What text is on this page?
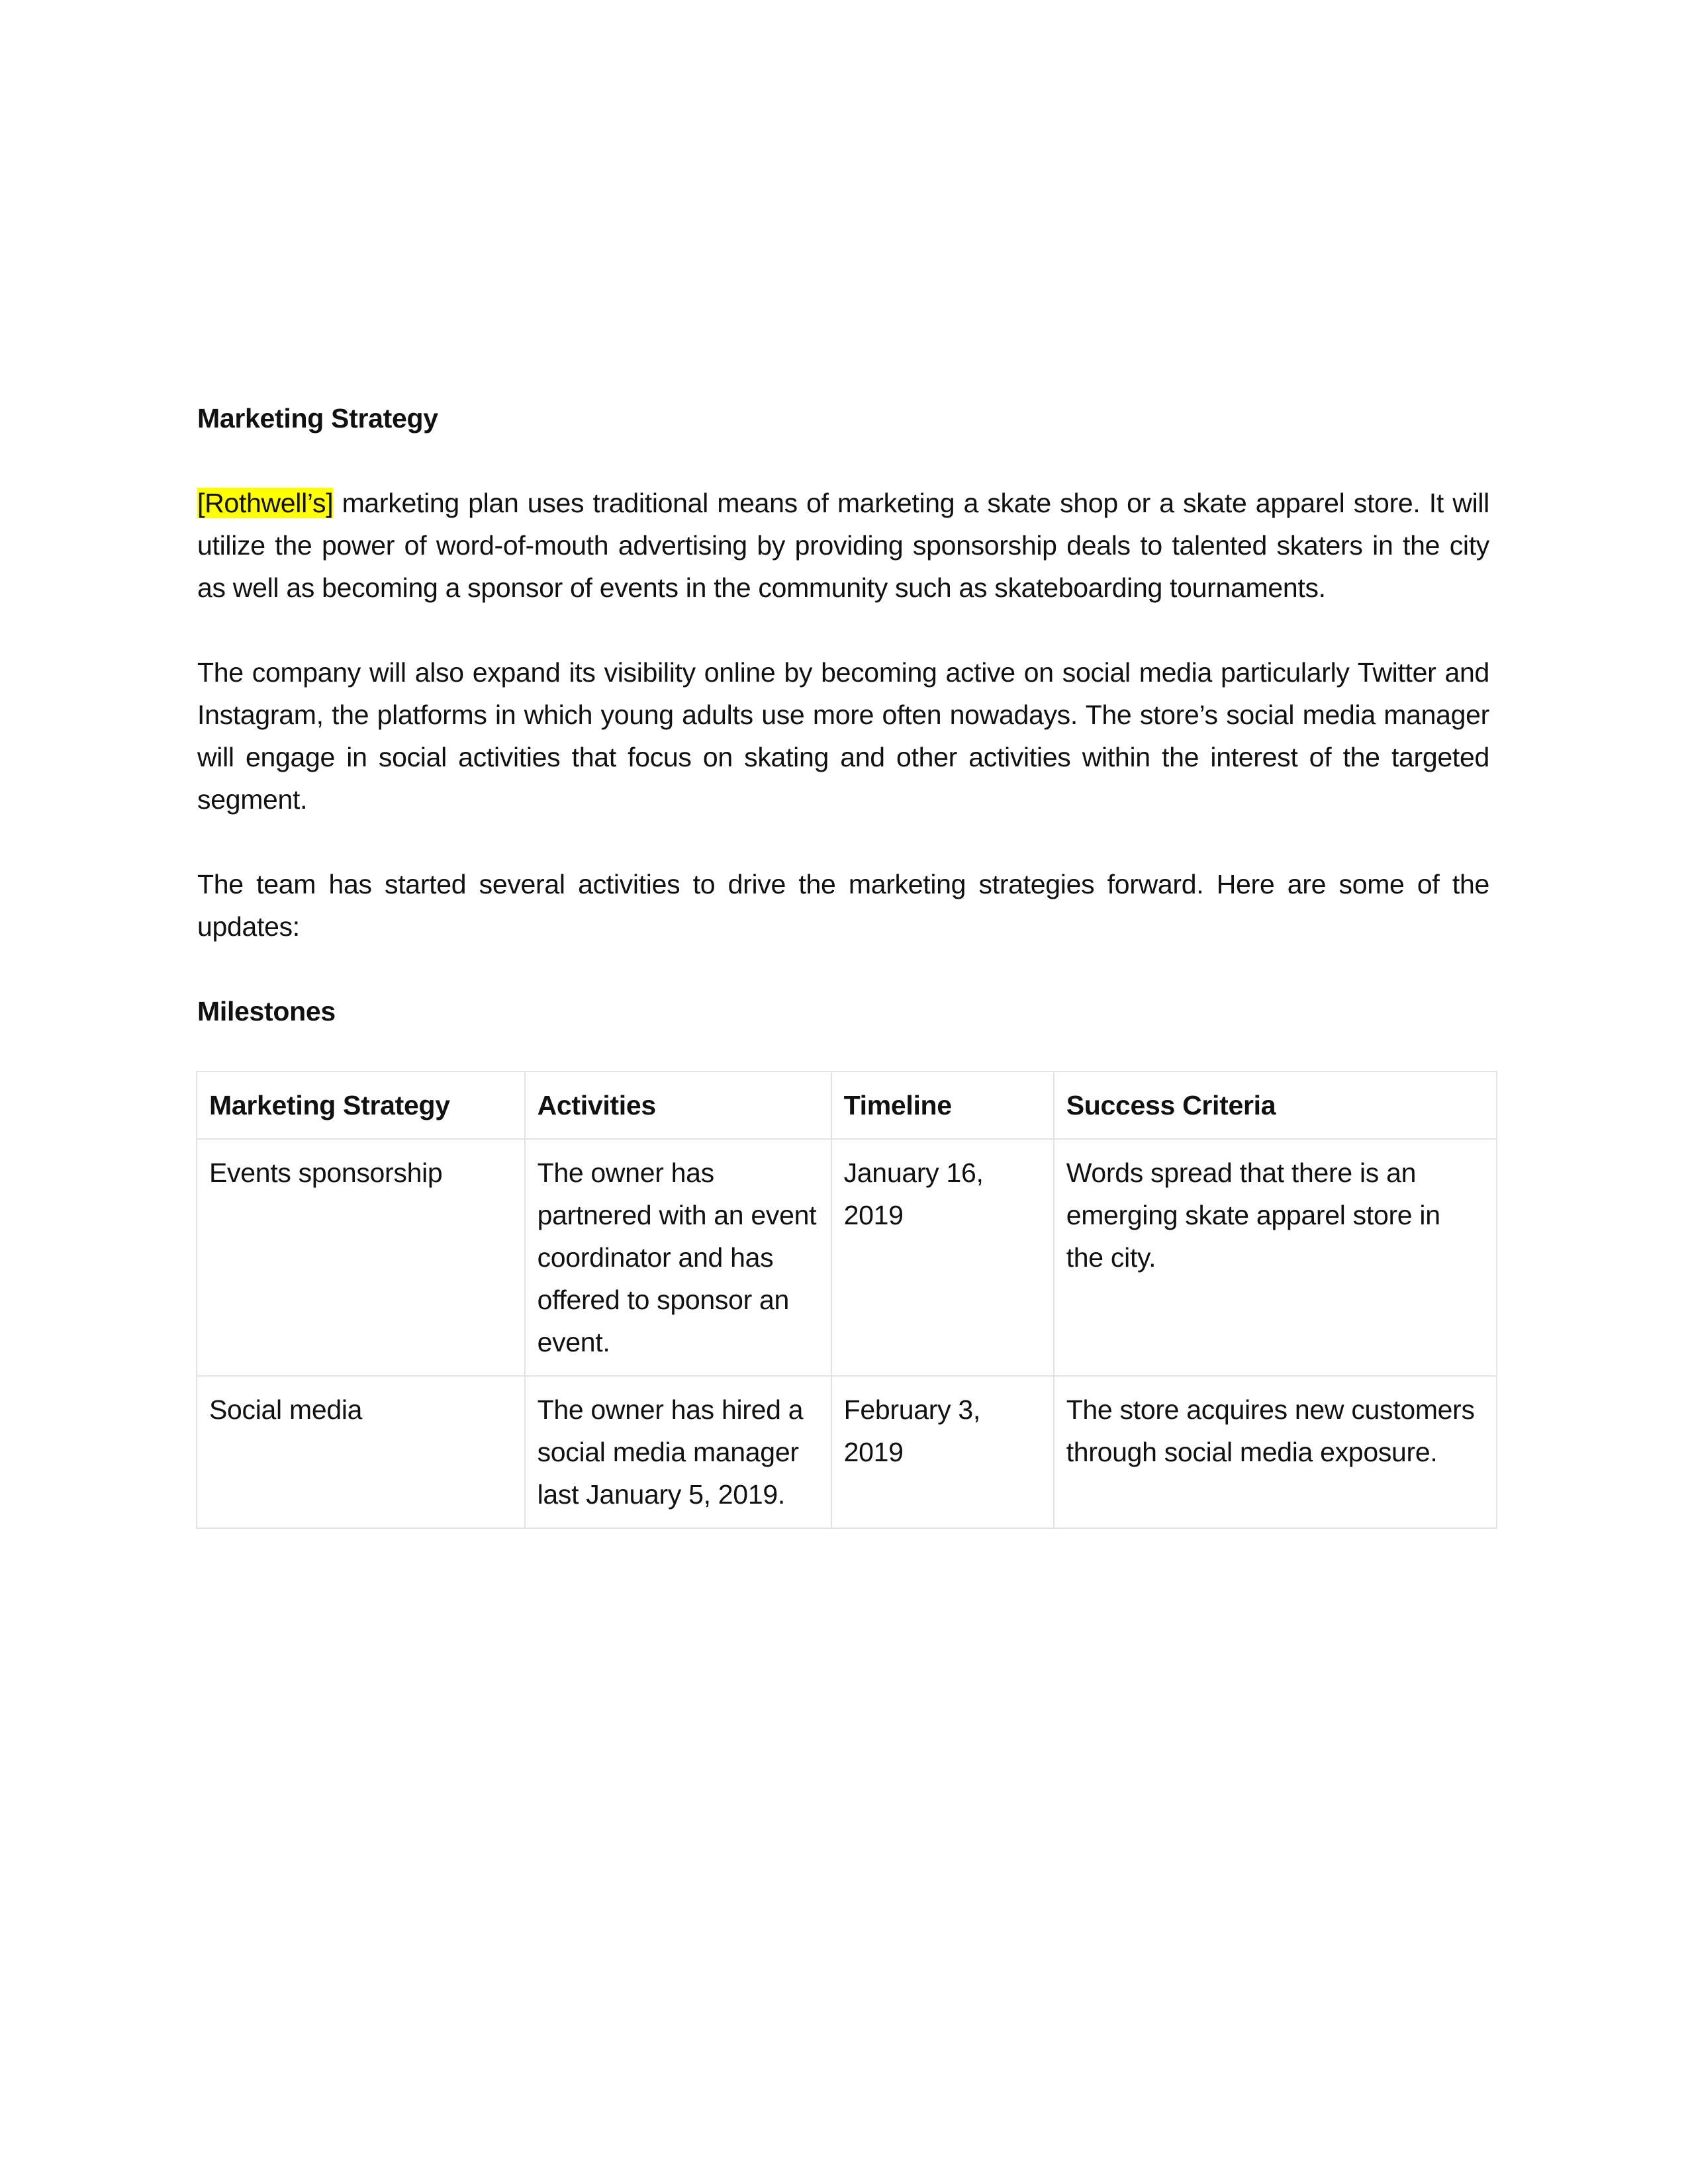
Marketing Strategy

[Rothwell’s] marketing plan uses traditional means of marketing a skate shop or a skate apparel store. It will utilize the power of word-of-mouth advertising by providing sponsorship deals to talented skaters in the city as well as becoming a sponsor of events in the community such as skateboarding tournaments.

The company will also expand its visibility online by becoming active on social media particularly Twitter and Instagram, the platforms in which young adults use more often nowadays. The store’s social media manager will engage in social activities that focus on skating and other activities within the interest of the targeted segment.

The team has started several activities to drive the marketing strategies forward. Here are some of the updates:

Milestones

Marketing Strategy	Activities	Timeline	Success Criteria
Events sponsorship	The owner has partnered with an event coordinator and has offered to sponsor an event.	January 16, 2019	Words spread that there is an emerging skate apparel store in the city.
Social media	The owner has hired a social media manager last January 5, 2019.	February 3, 2019	The store acquires new customers through social media exposure.
